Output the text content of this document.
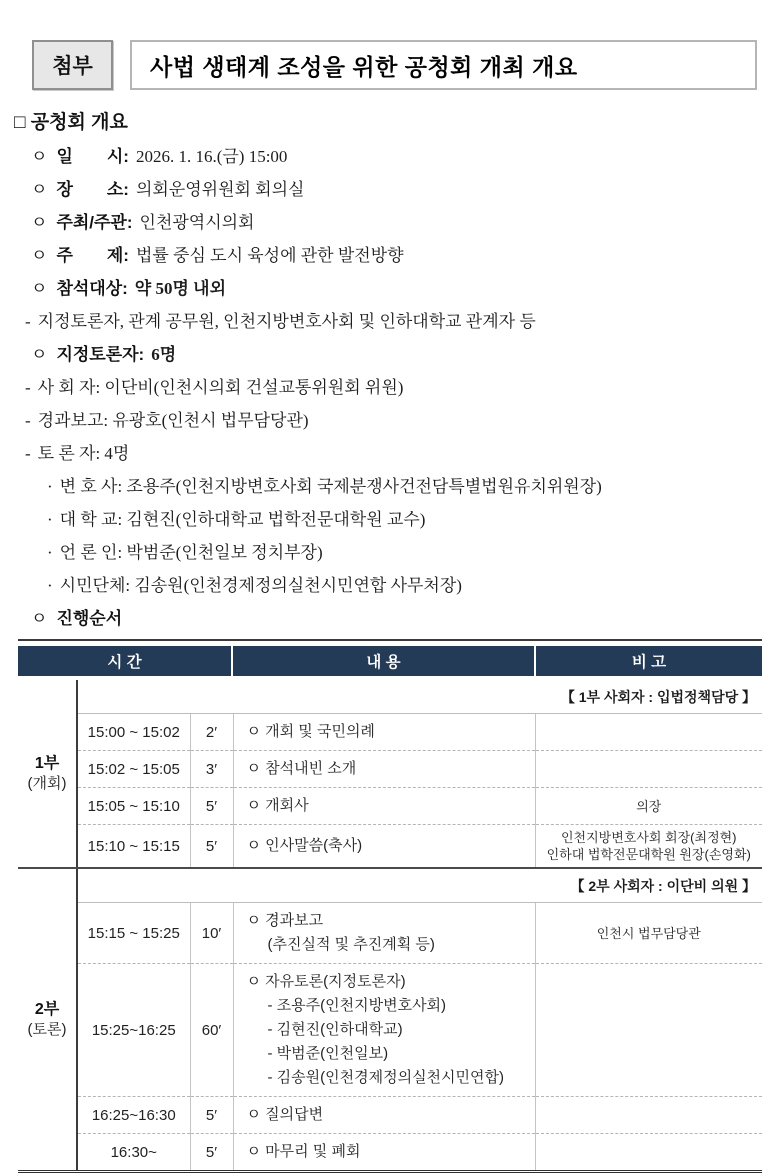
첨부	사법 생태계 조성을 위한 공청회 개최 개요
□ 공청회 개요
ㅇ 일　　시: 2026. 1. 16.(금) 15:00
ㅇ 장　　소: 의회운영위원회 회의실
ㅇ 주최/주관: 인천광역시의회
ㅇ 주　　제: 법률 중심 도시 육성에 관한 발전방향
ㅇ 참석대상: 약 50명 내외
- 지정토론자, 관계 공무원, 인천지방변호사회 및 인하대학교 관계자 등
ㅇ 지정토론자: 6명
- 사 회 자: 이단비(인천시의회 건설교통위원회 위원)
- 경과보고: 유광호(인천시 법무담당관)
- 토 론 자: 4명
· 변 호 사: 조용주(인천지방변호사회 국제분쟁사건전담특별법원유치위원장)
· 대 학 교: 김현진(인하대학교 법학전문대학원 교수)
· 언 론 인: 박범준(인천일보 정치부장)
· 시민단체: 김송원(인천경제정의실천시민연합 사무처장)
ㅇ 진행순서
시 간	내 용	비 고
1부
(개회)	【 1부 사회자 : 입법정책담당 】			
	15:00 ~ 15:02	2′	ㅇ 개회 및 국민의례	

	15:02 ~ 15:05	3′	ㅇ 참석내빈 소개	

	15:05 ~ 15:10	5′	ㅇ 개회사	의장

	15:10 ~ 15:15	5′	ㅇ 인사말씀(축사)	인천지방변호사회 회장(최정현)
인하대 법학전문대학원 원장(손영화)

2부
(토론)	【 2부 사회자 : 이단비 의원 】			
	15:15 ~ 15:25	10′	ㅇ 경과보고
(추진실적 및 추진계획 등)	인천시 법무담당관

	15:25~16:25	60′	ㅇ 자유토론(지정토론자)
- 조용주(인천지방변호사회)
- 김현진(인하대학교)
- 박범준(인천일보)
- 김송원(인천경제정의실천시민연합)	

	16:25~16:30	5′	ㅇ 질의답변	

	16:30~	5′	ㅇ 마무리 및 폐회	
